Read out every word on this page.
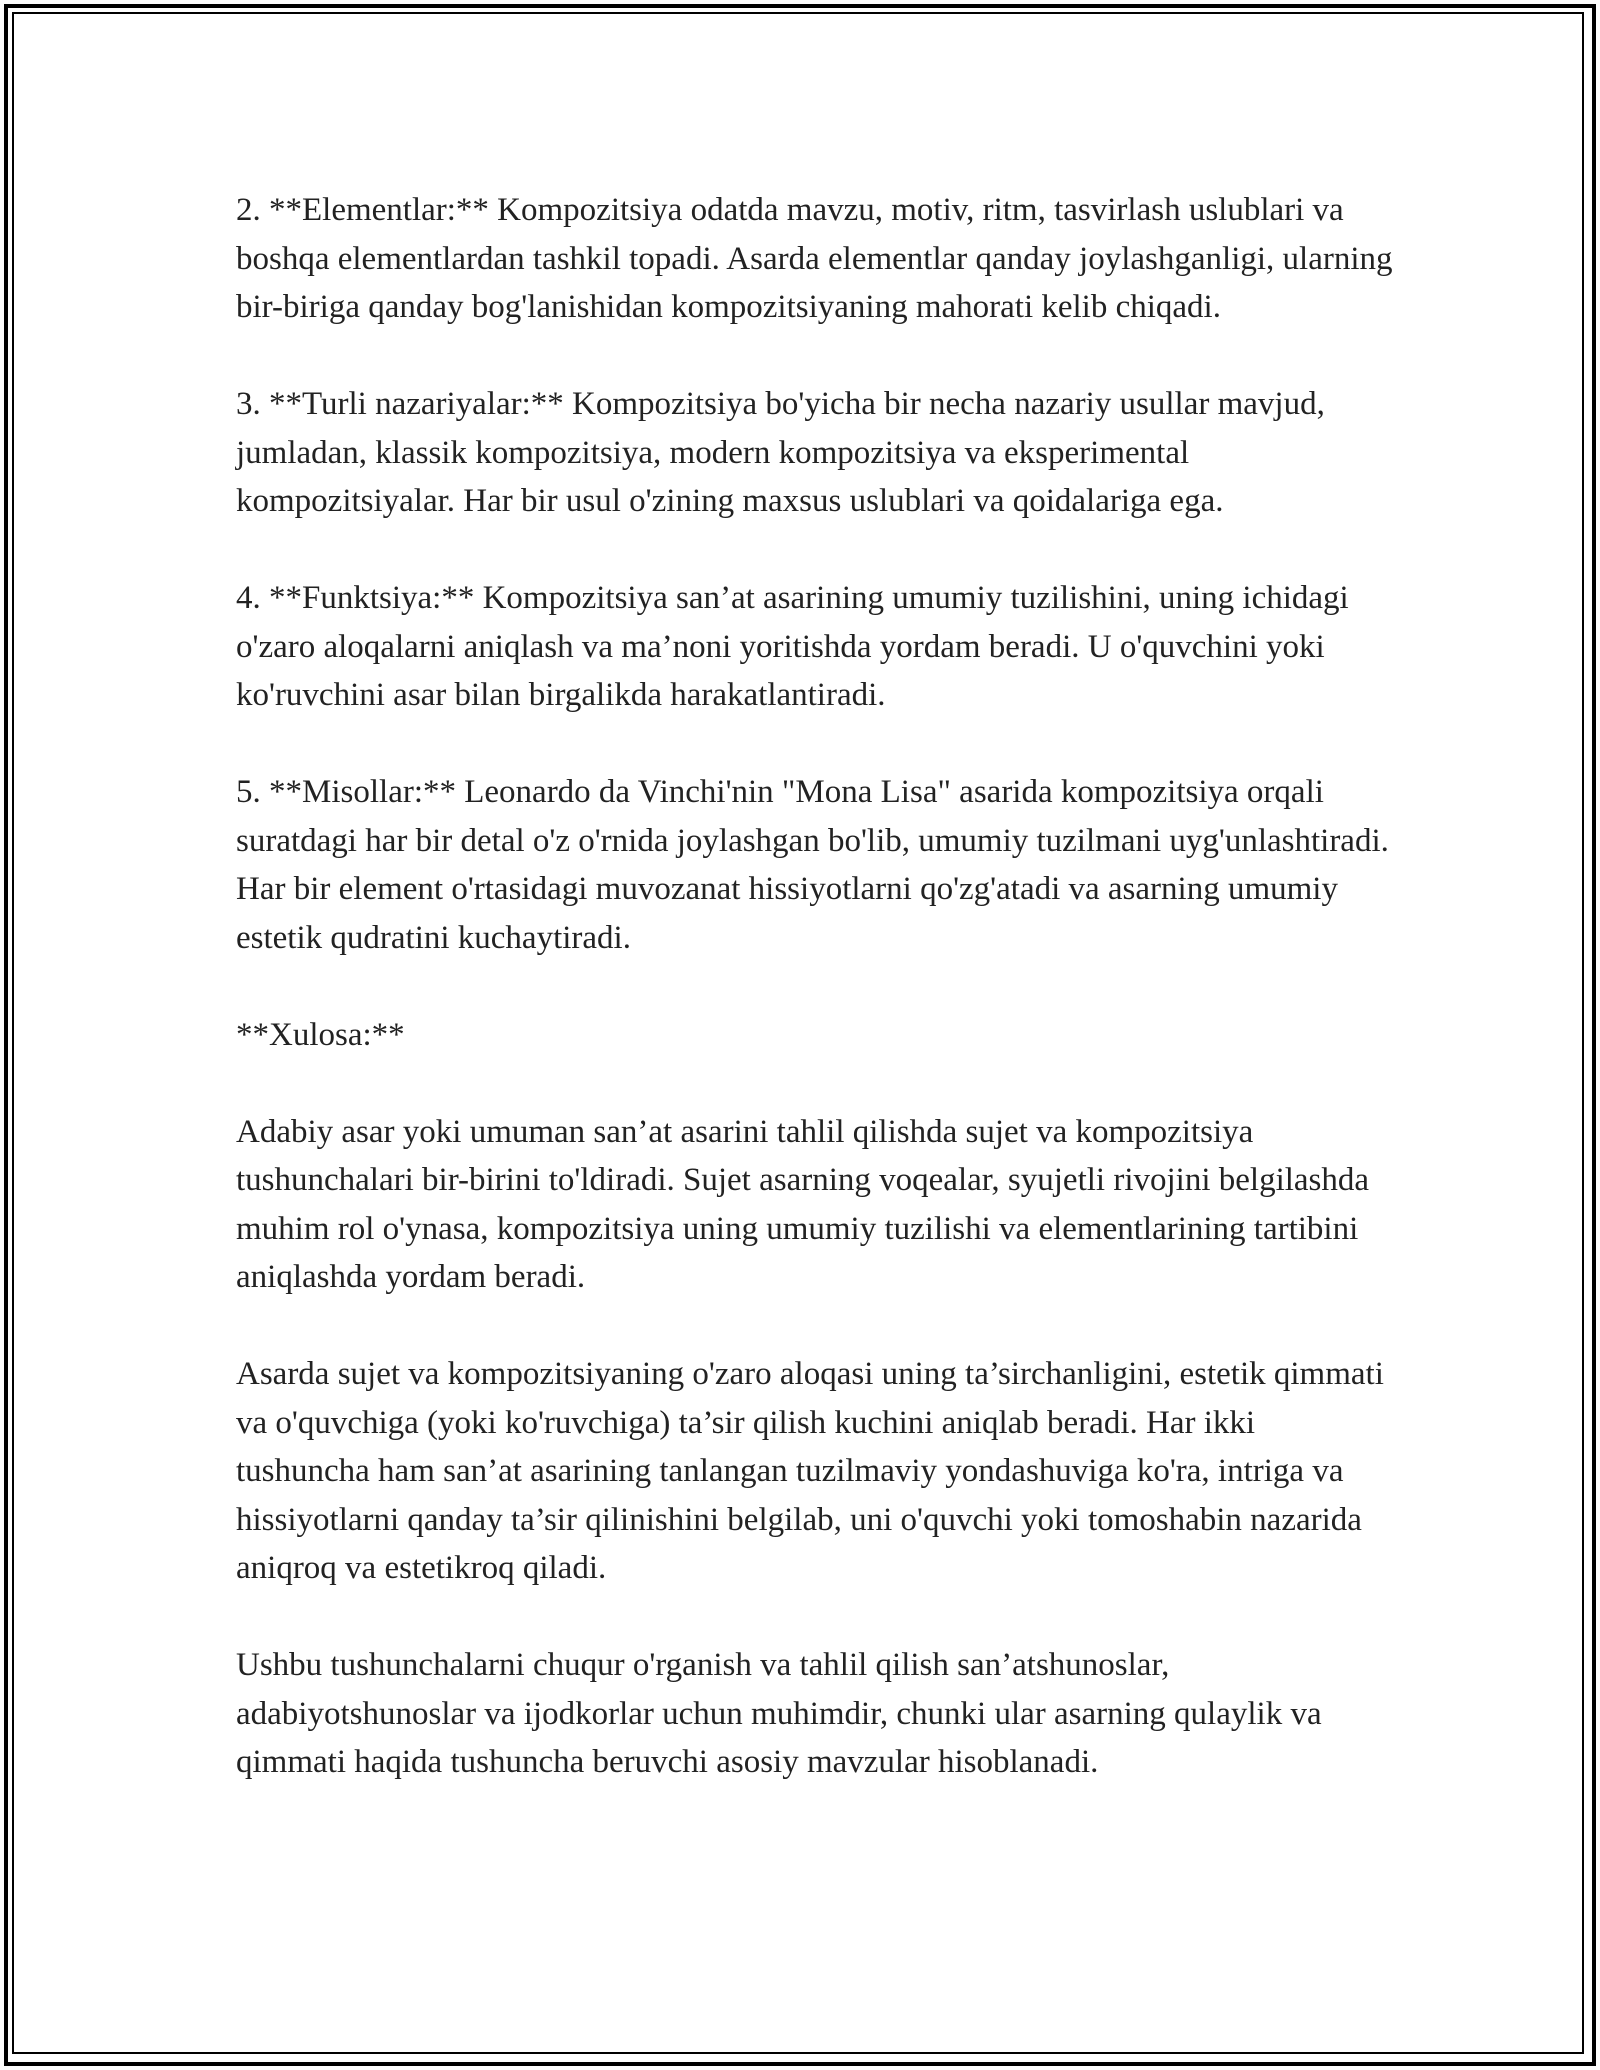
2. **Elementlar:** Kompozitsiya odatda mavzu, motiv, ritm, tasvirlash uslublari va boshqa elementlardan tashkil topadi. Asarda elementlar qanday joylashganligi, ularning bir-biriga qanday bog'lanishidan kompozitsiyaning mahorati kelib chiqadi.

3. **Turli nazariyalar:** Kompozitsiya bo'yicha bir necha nazariy usullar mavjud, jumladan, klassik kompozitsiya, modern kompozitsiya va eksperimental kompozitsiyalar. Har bir usul o'zining maxsus uslublari va qoidalariga ega.

4. **Funktsiya:** Kompozitsiya san’at asarining umumiy tuzilishini, uning ichidagi o'zaro aloqalarni aniqlash va ma’noni yoritishda yordam beradi. U o'quvchini yoki ko'ruvchini asar bilan birgalikda harakatlantiradi.

5. **Misollar:** Leonardo da Vinchi'nin "Mona Lisa" asarida kompozitsiya orqali suratdagi har bir detal o'z o'rnida joylashgan bo'lib, umumiy tuzilmani uyg'unlashtiradi. Har bir element o'rtasidagi muvozanat hissiyotlarni qo'zg'atadi va asarning umumiy estetik qudratini kuchaytiradi.

**Xulosa:**

Adabiy asar yoki umuman san’at asarini tahlil qilishda sujet va kompozitsiya tushunchalari bir-birini to'ldiradi. Sujet asarning voqealar, syujetli rivojini belgilashda muhim rol o'ynasa, kompozitsiya uning umumiy tuzilishi va elementlarining tartibini aniqlashda yordam beradi.

Asarda sujet va kompozitsiyaning o'zaro aloqasi uning ta’sirchanligini, estetik qimmati va o'quvchiga (yoki ko'ruvchiga) ta’sir qilish kuchini aniqlab beradi. Har ikki tushuncha ham san’at asarining tanlangan tuzilmaviy yondashuviga ko'ra, intriga va hissiyotlarni qanday ta’sir qilinishini belgilab, uni o'quvchi yoki tomoshabin nazarida aniqroq va estetikroq qiladi.

Ushbu tushunchalarni chuqur o'rganish va tahlil qilish san’atshunoslar, adabiyotshunoslar va ijodkorlar uchun muhimdir, chunki ular asarning qulaylik va qimmati haqida tushuncha beruvchi asosiy mavzular hisoblanadi.
